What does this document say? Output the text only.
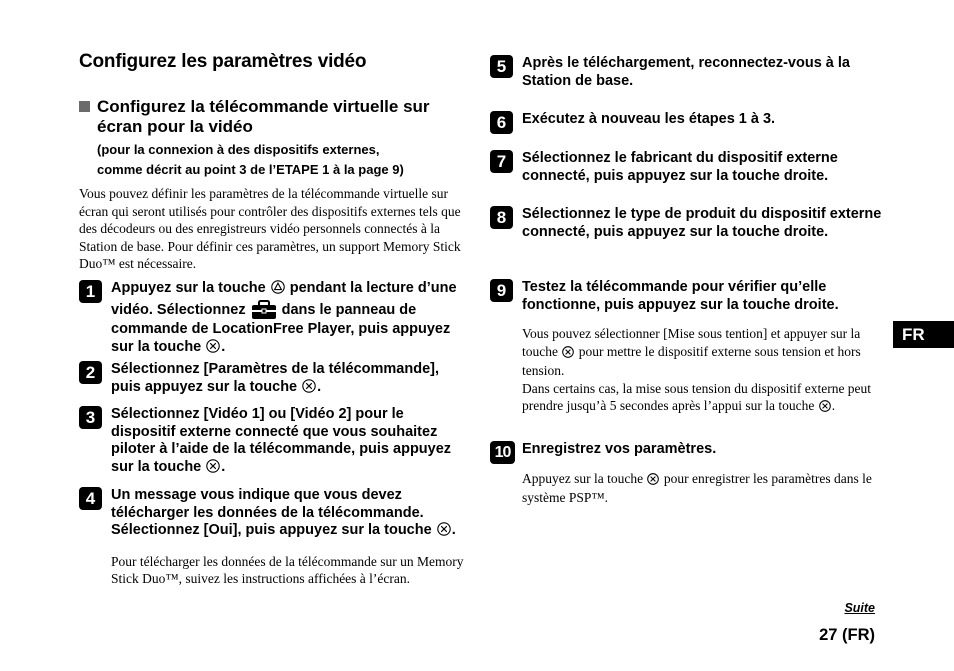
Configurez les paramètres vidéo
Configurez la télécommande virtuelle sur écran pour la vidéo
(pour la connexion à des dispositifs externes,
comme décrit au point 3 de l’ETAPE 1 à la page 9)
Vous pouvez définir les paramètres de la télécommande virtuelle sur écran qui seront utilisés pour contrôler des dispositifs externes tels que des décodeurs ou des enregistreurs vidéo personnels connectés à la Station de base. Pour définir ces paramètres, un support Memory Stick Duo™ est nécessaire.
1	Appuyez sur la touche pendant la lecture d’une vidéo. Sélectionnez dans le panneau de commande de LocationFree Player, puis appuyez sur la touche .
2	Sélectionnez [Paramètres de la télécommande], puis appuyez sur la touche .
3	Sélectionnez [Vidéo 1] ou [Vidéo 2] pour le dispositif externe connecté que vous souhaitez piloter à l’aide de la télécommande, puis appuyez sur la touche .
4	Un message vous indique que vous devez télécharger les données de la télécommande. Sélectionnez [Oui], puis appuyez sur la touche .
Pour télécharger les données de la télécommande sur un Memory Stick Duo™, suivez les instructions affichées à l’écran.
5	Après le téléchargement, reconnectez-vous à la Station de base.
6	Exécutez à nouveau les étapes 1 à 3.
7	Sélectionnez le fabricant du dispositif externe connecté, puis appuyez sur la touche droite.
8	Sélectionnez le type de produit du dispositif externe connecté, puis appuyez sur la touche droite.
9	Testez la télécommande pour vérifier qu’elle fonctionne, puis appuyez sur la touche droite.
Vous pouvez sélectionner [Mise sous tention] et appuyer sur la touche pour mettre le dispositif externe sous tension et hors tension.
Dans certains cas, la mise sous tension du dispositif externe peut prendre jusqu’à 5 secondes après l’appui sur la touche .
10 Enregistrez vos paramètres.
Appuyez sur la touche pour enregistrer les paramètres dans le système PSP™.
FR
Suite
27 (FR)
